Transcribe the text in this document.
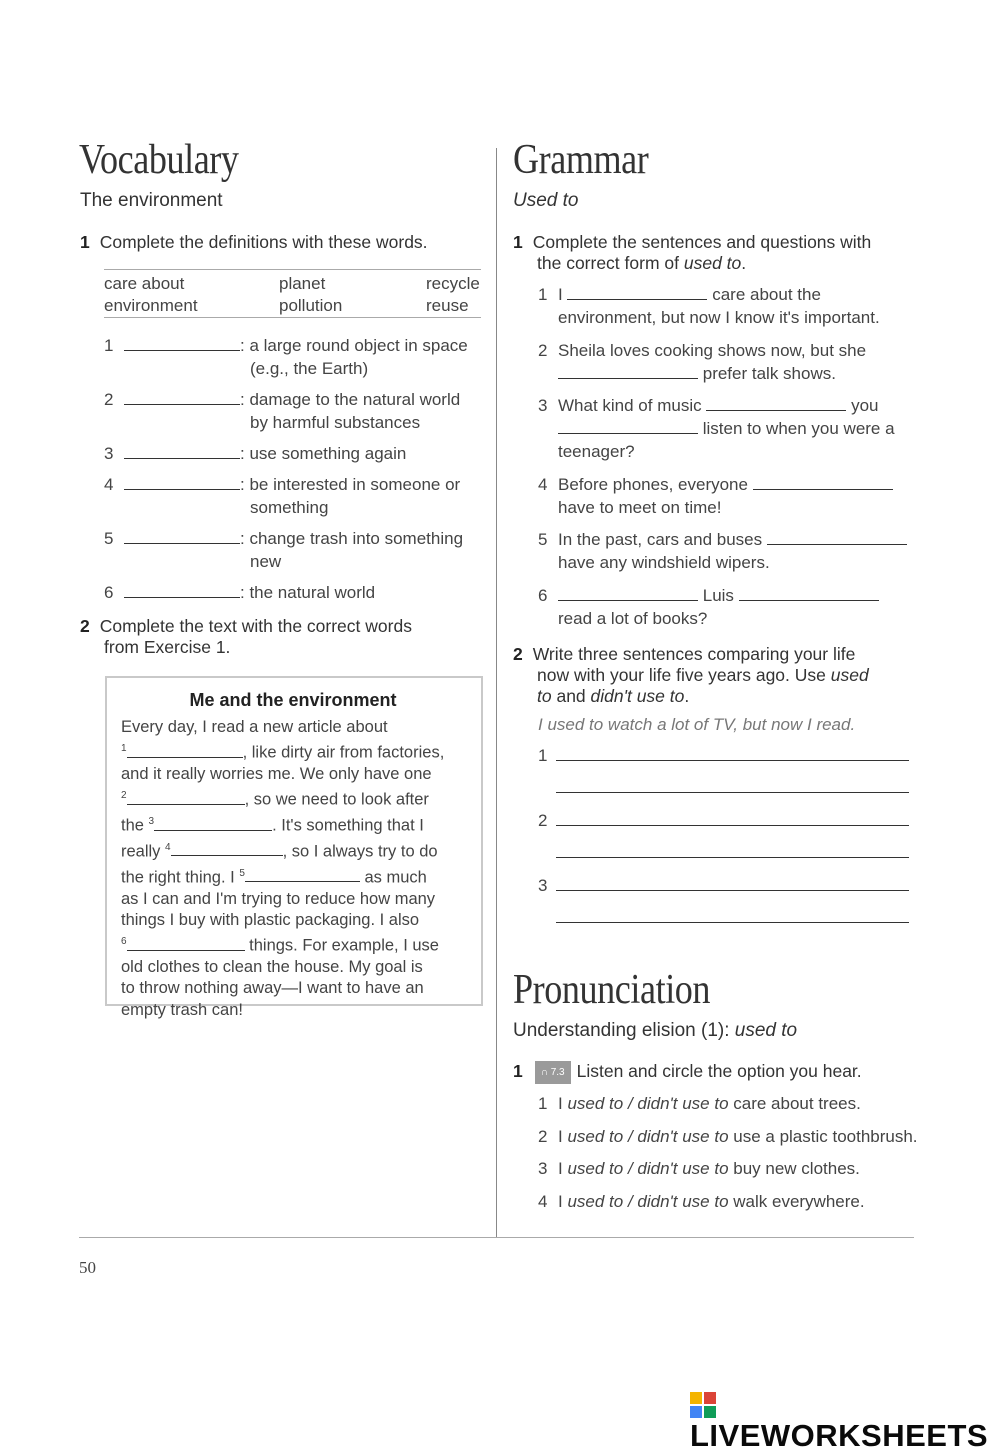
Vocabulary
The environment
1 Complete the definitions with these words.
care about	planet	recycle
environment	pollution	reuse
1	: a large round object in space
(e.g., the Earth)
2	: damage to the natural world
by harmful substances
3	: use something again
4	: be interested in someone or
something
5	: change trash into something
new
6	: the natural world
2 Complete the text with the correct words
from Exercise 1.
Me and the environment
Every day, I read a new article about
$^1$	, like dirty air from factories,
and it really worries me. We only have one
$^2$	, so we need to look after
the $^3$	. It's something that I
really $^4$	, so I always try to do
the right thing. I $^5$	as much
as I can and I'm trying to reduce how many
things I buy with plastic packaging. I also
$^6$	things. For example, I use
old clothes to clean the house. My goal is
to throw nothing away—I want to have an
empty trash can!
Grammar
Used to
1 Complete the sentences and questions with
the correct form of used to.
1 I	care about the
environment, but now I know it's important.
2 Sheila loves cooking shows now, but she
prefer talk shows.
3 What kind of music	you
listen to when you were a
teenager?
4 Before phones, everyone
have to meet on time!
5 In the past, cars and buses
have any windshield wipers.
6	Luis
read a lot of books?
2 Write three sentences comparing your life
now with your life five years ago. Use used
to and didn't use to.
I used to watch a lot of TV, but now I read.
1
2
3
Pronunciation
Understanding elision (1): used to
1 ∩ 7.3 Listen and circle the option you hear.
1 I used to / didn't use to care about trees.
2 I used to / didn't use to use a plastic toothbrush.
3 I used to / didn't use to buy new clothes.
4 I used to / didn't use to walk everywhere.
50
LIVEWORKSHEETS
